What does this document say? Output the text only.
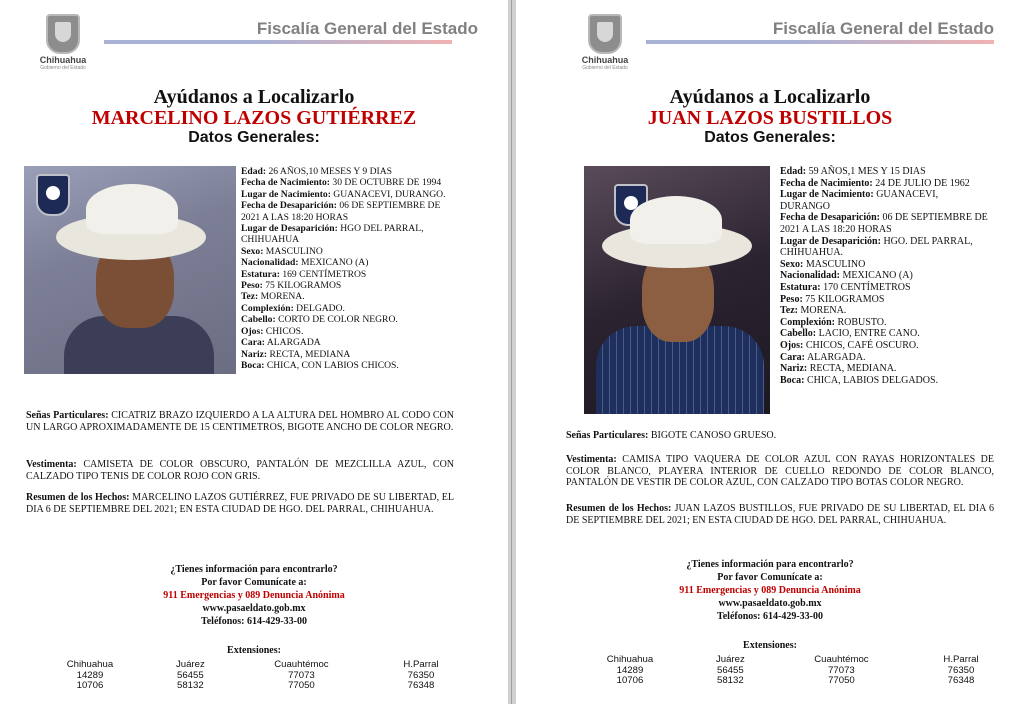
Chihuahua
Gobierno del Estado
Fiscalía General del Estado
Ayúdanos a Localizarlo
MARCELINO LAZOS GUTIÉRREZ
Datos Generales:
Edad: 26 AÑOS,10 MESES Y 9 DIAS
Fecha de Nacimiento: 30 DE OCTUBRE DE 1994
Lugar de Nacimiento: GUANACEVI, DURANGO.
Fecha de Desaparición: 06 DE SEPTIEMBRE DE 2021 A LAS 18:20 HORAS
Lugar de Desaparición: HGO DEL PARRAL, CHIHUAHUA
Sexo: MASCULINO
Nacionalidad: MEXICANO (A)
Estatura: 169 CENTÍMETROS
Peso: 75 KILOGRAMOS
Tez: MORENA.
Complexión: DELGADO.
Cabello: CORTO DE COLOR NEGRO.
Ojos: CHICOS.
Cara: ALARGADA
Nariz: RECTA, MEDIANA
Boca: CHICA, CON LABIOS CHICOS.
Señas Particulares: CICATRIZ BRAZO IZQUIERDO A LA ALTURA DEL HOMBRO AL CODO CON UN LARGO APROXIMADAMENTE DE 15 CENTIMETROS, BIGOTE ANCHO DE COLOR NEGRO.
Vestimenta: CAMISETA DE COLOR OBSCURO, PANTALÓN DE MEZCLILLA AZUL, CON CALZADO TIPO TENIS DE COLOR ROJO CON GRIS.
Resumen de los Hechos: MARCELINO LAZOS GUTIÉRREZ, FUE PRIVADO DE SU LIBERTAD, EL DIA 6 DE SEPTIEMBRE DEL 2021; EN ESTA CIUDAD DE HGO. DEL PARRAL, CHIHUAHUA.
¿Tienes información para encontrarlo?
Por favor Comunícate a:
911 Emergencias y 089 Denuncia Anónima
www.pasaeldato.gob.mx
Teléfonos: 614-429-33-00
Extensiones:
Chihuahua	Juárez	Cuauhtémoc	H.Parral
14289	56455	77073	76350
10706	58132	77050	76348
Chihuahua
Gobierno del Estado
Fiscalía General del Estado
Ayúdanos a Localizarlo
JUAN LAZOS BUSTILLOS
Datos Generales:
Edad: 59 AÑOS,1 MES Y 15 DIAS
Fecha de Nacimiento: 24 DE JULIO DE 1962
Lugar de Nacimiento: GUANACEVI, DURANGO
Fecha de Desaparición: 06 DE SEPTIEMBRE DE 2021 A LAS 18:20 HORAS
Lugar de Desaparición: HGO. DEL PARRAL, CHIHUAHUA.
Sexo: MASCULINO
Nacionalidad: MEXICANO (A)
Estatura: 170 CENTÍMETROS
Peso: 75 KILOGRAMOS
Tez: MORENA.
Complexión: ROBUSTO.
Cabello: LACIO, ENTRE CANO.
Ojos: CHICOS, CAFÉ OSCURO.
Cara: ALARGADA.
Nariz: RECTA, MEDIANA.
Boca: CHICA, LABIOS DELGADOS.
Señas Particulares: BIGOTE CANOSO GRUESO.
Vestimenta: CAMISA TIPO VAQUERA DE COLOR AZUL CON RAYAS HORIZONTALES DE COLOR BLANCO, PLAYERA INTERIOR DE CUELLO REDONDO DE COLOR BLANCO, PANTALÓN DE VESTIR DE COLOR AZUL, CON CALZADO TIPO BOTAS COLOR NEGRO.
Resumen de los Hechos: JUAN LAZOS BUSTILLOS, FUE PRIVADO DE SU LIBERTAD, EL DIA 6 DE SEPTIEMBRE DEL 2021; EN ESTA CIUDAD DE HGO. DEL PARRAL, CHIHUAHUA.
¿Tienes información para encontrarlo?
Por favor Comunícate a:
911 Emergencias y 089 Denuncia Anónima
www.pasaeldato.gob.mx
Teléfonos: 614-429-33-00
Extensiones:
Chihuahua	Juárez	Cuauhtémoc	H.Parral
14289	56455	77073	76350
10706	58132	77050	76348
